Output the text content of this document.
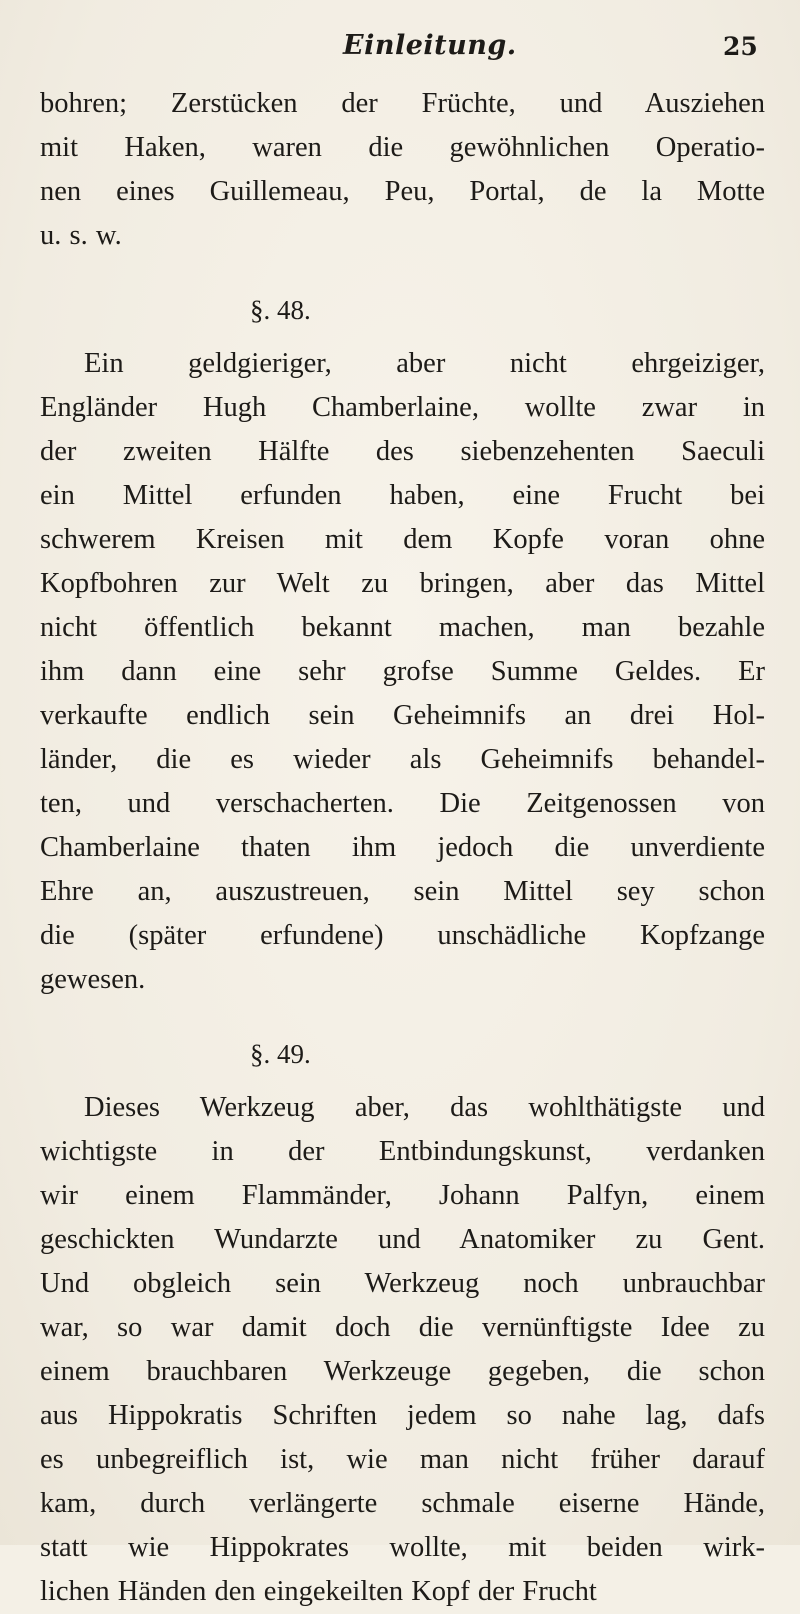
Einleitung.	25
bohren; Zerstücken der Früchte, und Ausziehen
mit Haken, waren die gewöhnlichen Operatio-
nen eines Guillemeau, Peu, Portal, de la Motte
u. s. w.
§. 48.
Ein geldgieriger, aber nicht ehrgeiziger,
Engländer Hugh Chamberlaine, wollte zwar in
der zweiten Hälfte des siebenzehenten Saeculi
ein Mittel erfunden haben, eine Frucht bei
schwerem Kreisen mit dem Kopfe voran ohne
Kopfbohren zur Welt zu bringen, aber das Mittel
nicht öffentlich bekannt machen, man bezahle
ihm dann eine sehr grofse Summe Geldes. Er
verkaufte endlich sein Geheimnifs an drei Hol-
länder, die es wieder als Geheimnifs behandel-
ten, und verschacherten. Die Zeitgenossen von
Chamberlaine thaten ihm jedoch die unverdiente
Ehre an, auszustreuen, sein Mittel sey schon
die (später erfundene) unschädliche Kopfzange
gewesen.
§. 49.
Dieses Werkzeug aber, das wohlthätigste und
wichtigste in der Entbindungskunst, verdanken
wir einem Flammänder, Johann Palfyn, einem
geschickten Wundarzte und Anatomiker zu Gent.
Und obgleich sein Werkzeug noch unbrauchbar
war, so war damit doch die vernünftigste Idee zu
einem brauchbaren Werkzeuge gegeben, die schon
aus Hippokratis Schriften jedem so nahe lag, dafs
es unbegreiflich ist, wie man nicht früher darauf
kam, durch verlängerte schmale eiserne Hände,
statt wie Hippokrates wollte, mit beiden wirk-
lichen Händen den eingekeilten Kopf der Frucht
